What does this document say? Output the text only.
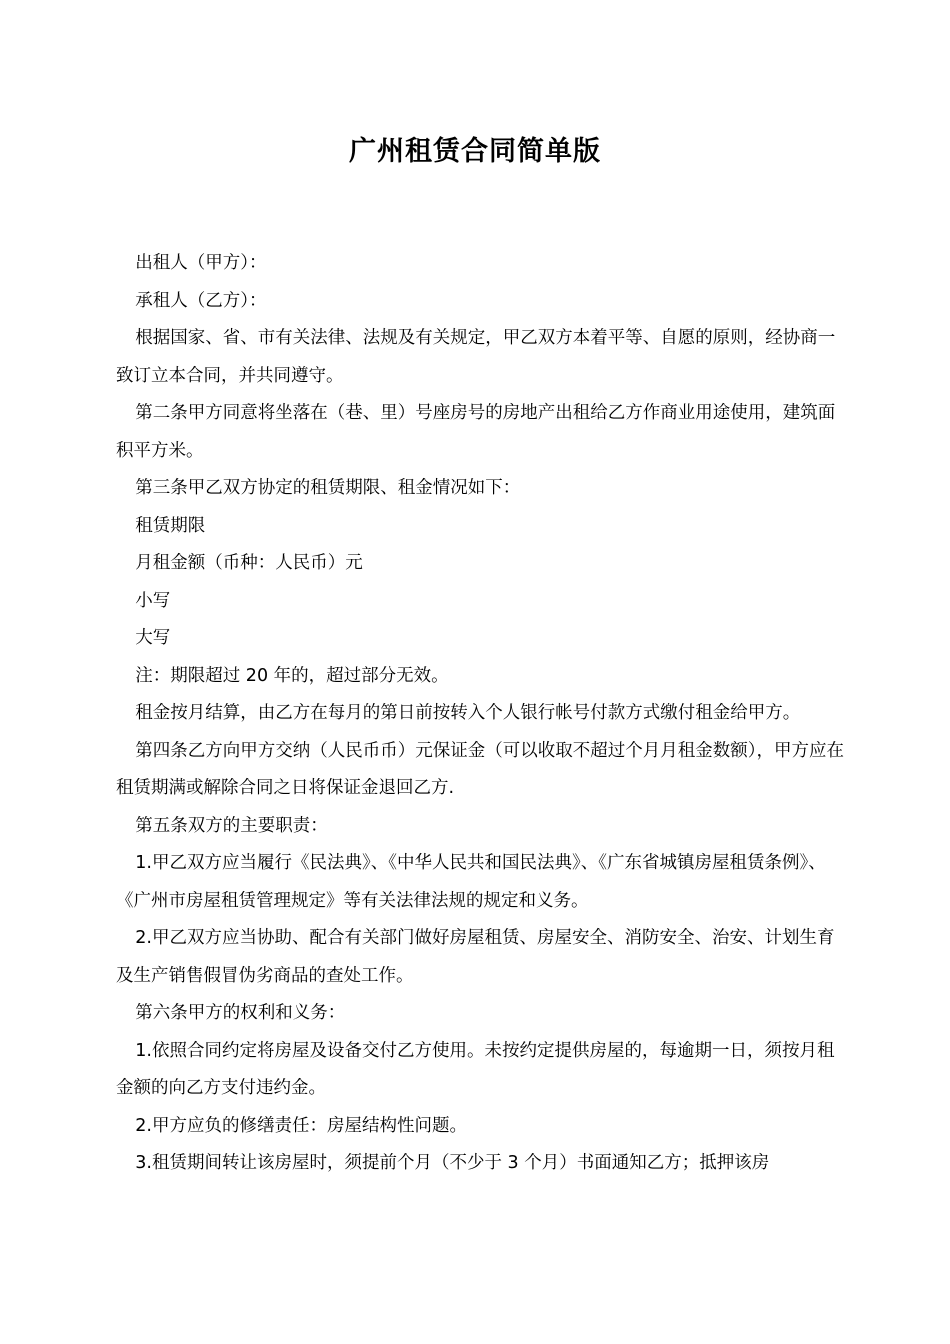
广州租赁合同简单版

出租人（甲方）：

承租人（乙方）：

根据国家、省、市有关法律、法规及有关规定，甲乙双方本着平等、自愿的原则，经协商一致订立本合同，并共同遵守。

第二条甲方同意将坐落在（巷、里）号座房号的房地产出租给乙方作商业用途使用，建筑面积平方米。

第三条甲乙双方协定的租赁期限、租金情况如下：

租赁期限

月租金额（币种：人民币）元

小写

大写

注：期限超过 20 年的，超过部分无效。

租金按月结算，由乙方在每月的第日前按转入个人银行帐号付款方式缴付租金给甲方。

第四条乙方向甲方交纳（人民币币）元保证金（可以收取不超过个月月租金数额），甲方应在租赁期满或解除合同之日将保证金退回乙方.

第五条双方的主要职责：

1.甲乙双方应当履行《民法典》、《中华人民共和国民法典》、《广东省城镇房屋租赁条例》、《广州市房屋租赁管理规定》等有关法律法规的规定和义务。

2.甲乙双方应当协助、配合有关部门做好房屋租赁、房屋安全、消防安全、治安、计划生育及生产销售假冒伪劣商品的查处工作。

第六条甲方的权利和义务：

1.依照合同约定将房屋及设备交付乙方使用。未按约定提供房屋的，每逾期一日，须按月租金额的向乙方支付违约金。

2.甲方应负的修缮责任：房屋结构性问题。

3.租赁期间转让该房屋时，须提前个月（不少于 3 个月）书面通知乙方；抵押该房
